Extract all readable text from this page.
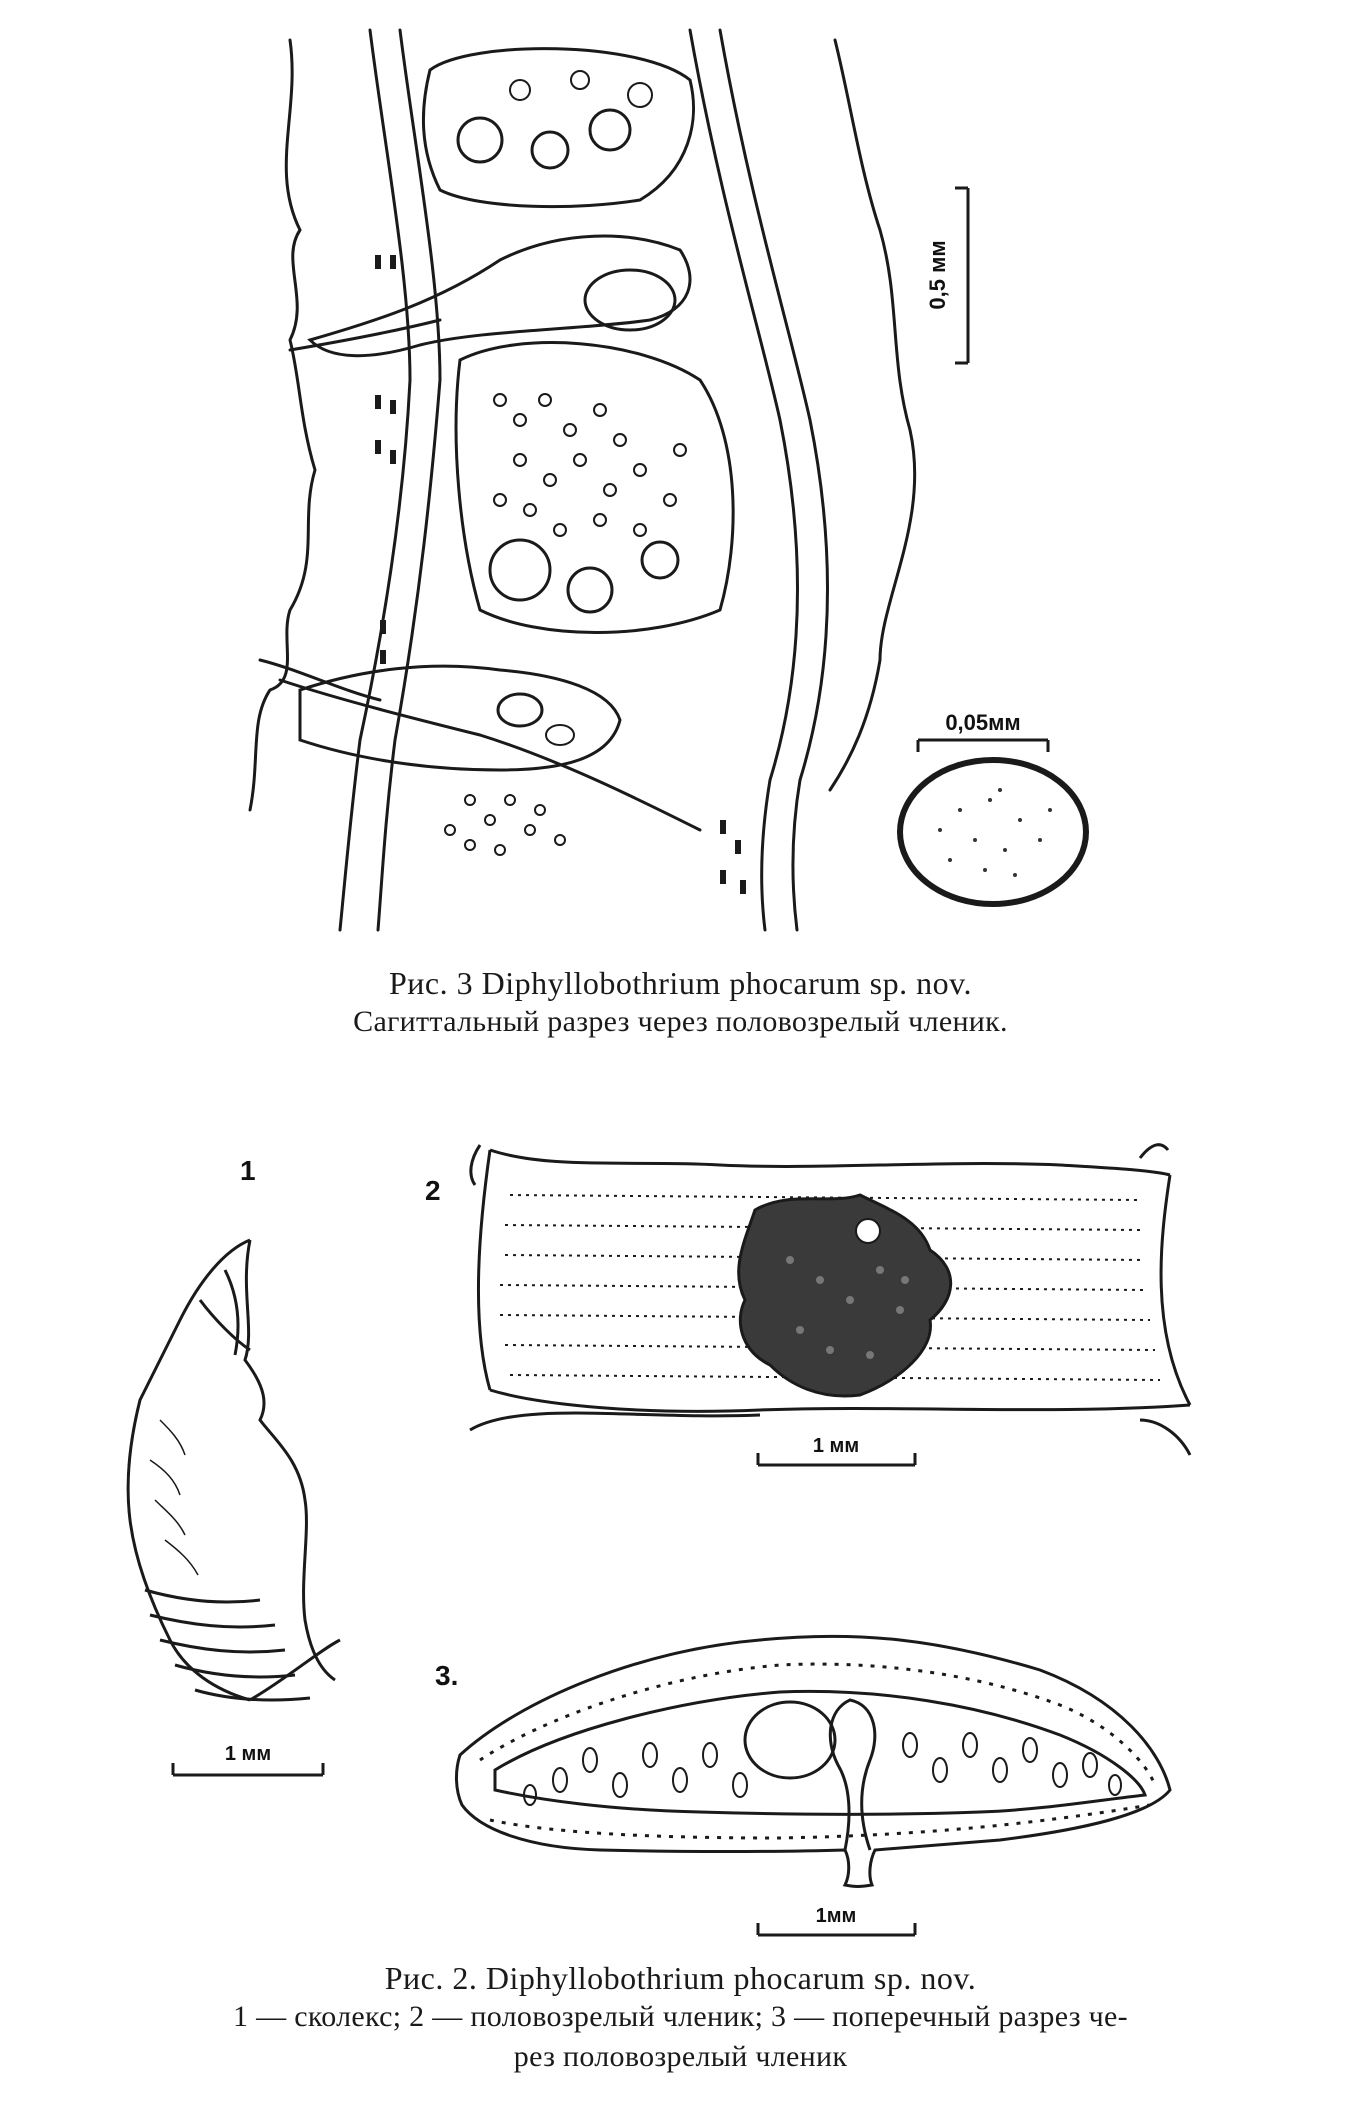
0,5 мм
0,05мм
Рис. 3 Diphyllobothrium phocarum sp. nov.
Сагиттальный разрез через половозрелый членик.
1
1 мм
2
1 мм
3.
1мм
Рис. 2. Diphyllobothrium phocarum sp. nov.
1 — сколекс; 2 — половозрелый членик; 3 — поперечный разрез че-
рез половозрелый членик
